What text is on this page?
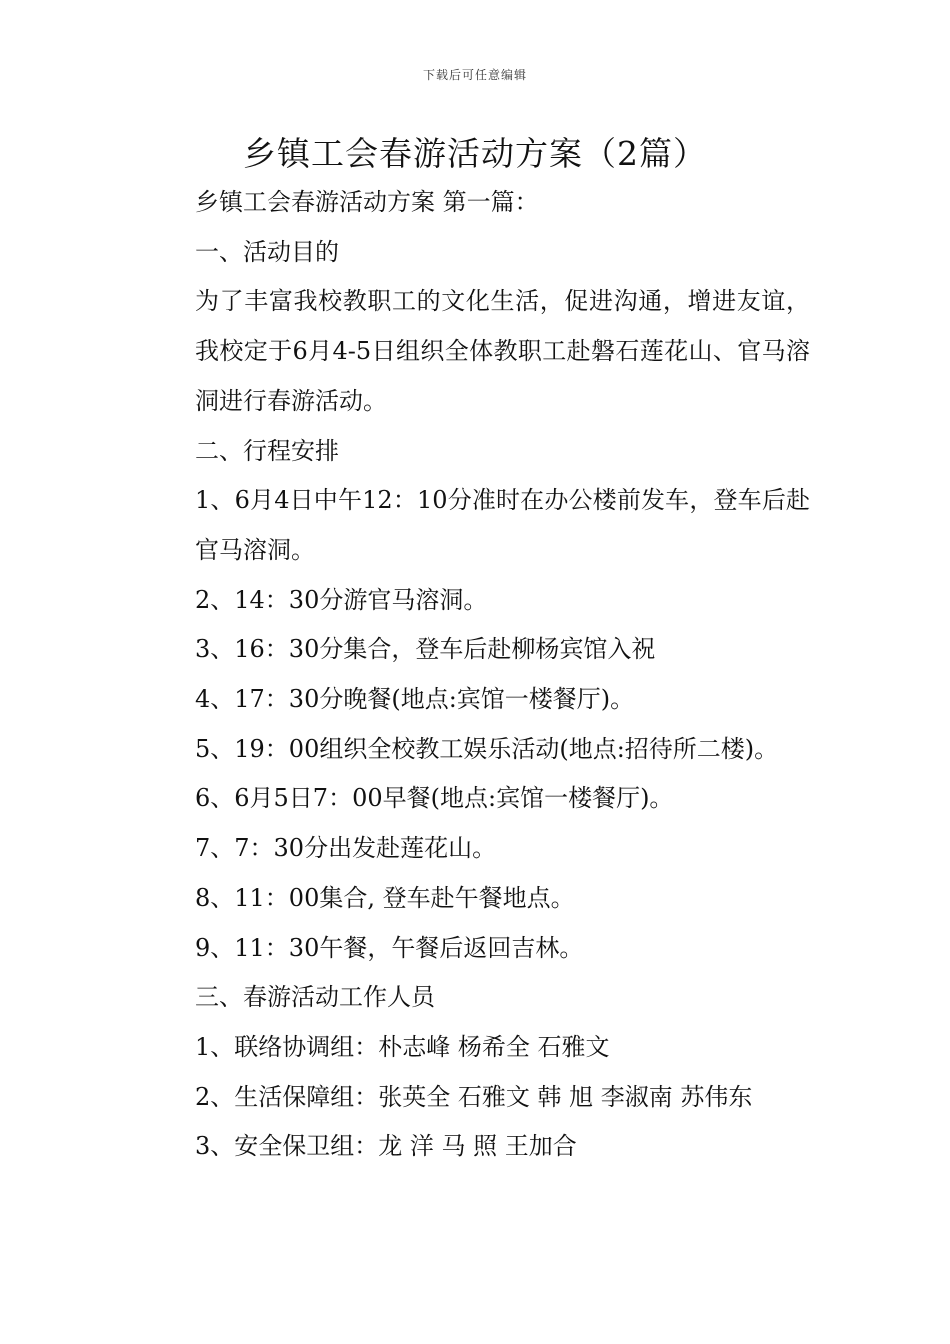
下载后可任意编辑
乡镇工会春游活动方案（2篇）

乡镇工会春游活动方案 第一篇：

一、活动目的

为了丰富我校教职工的文化生活，促进沟通，增进友谊，我校定于6月4-5日组织全体教职工赴磐石莲花山、官马溶洞进行春游活动。

二、行程安排

1、6月4日中午12：10分准时在办公楼前发车，登车后赴官马溶洞。

2、14：30分游官马溶洞。

3、16：30分集合，登车后赴柳杨宾馆入祝

4、17：30分晚餐(地点:宾馆一楼餐厅)。

5、19：00组织全校教工娱乐活动(地点:招待所二楼)。

6、6月5日7：00早餐(地点:宾馆一楼餐厅)。

7、7：30分出发赴莲花山。

8、11：00集合, 登车赴午餐地点。

9、11：30午餐，午餐后返回吉林。

三、春游活动工作人员

1、联络协调组：朴志峰 杨希全 石雅文

2、生活保障组：张英全 石雅文 韩 旭 李淑南 苏伟东

3、安全保卫组：龙 洋 马 照 王加合
